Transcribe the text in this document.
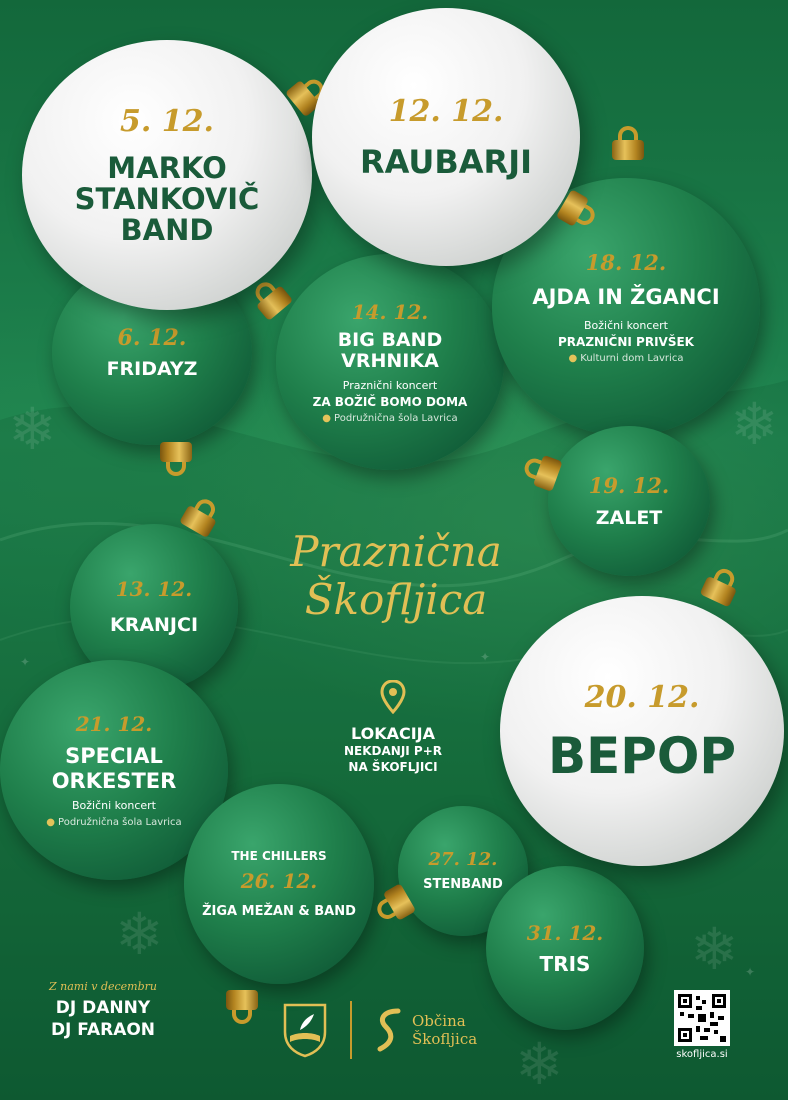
❄	❄
❄
❄
❄
✦
✦
✦
6. 12.
FRIDAYZ
14. 12.
BIG BAND
VRHNIKA
Praznični koncert
ZA BOŽIČ BOMO DOMA
● Podružnična šola Lavrica
18. 12.
AJDA IN ŽGANCI
Božični koncert
PRAZNIČNI PRIVŠEK
● Kulturni dom Lavrica
19. 12.
ZALET
13. 12.
KRANJCI
21. 12.
SPECIAL
ORKESTER
Božični koncert
● Podružnična šola Lavrica
THE CHILLERS
26. 12.
ŽIGA MEŽAN & BAND
27. 12.
STENBAND
31. 12.
TRIS
5. 12.
MARKO
STANKOVIČ
BAND
12. 12.
RAUBARJI
20. 12.
BEPOP
Praznična
Škofljica
LOKACIJA
NEKDANJI P+R
NA ŠKOFLJICI
Z nami v decembru
DJ DANNY
DJ FARAON	Občina
Škofljica
skofljica.si
